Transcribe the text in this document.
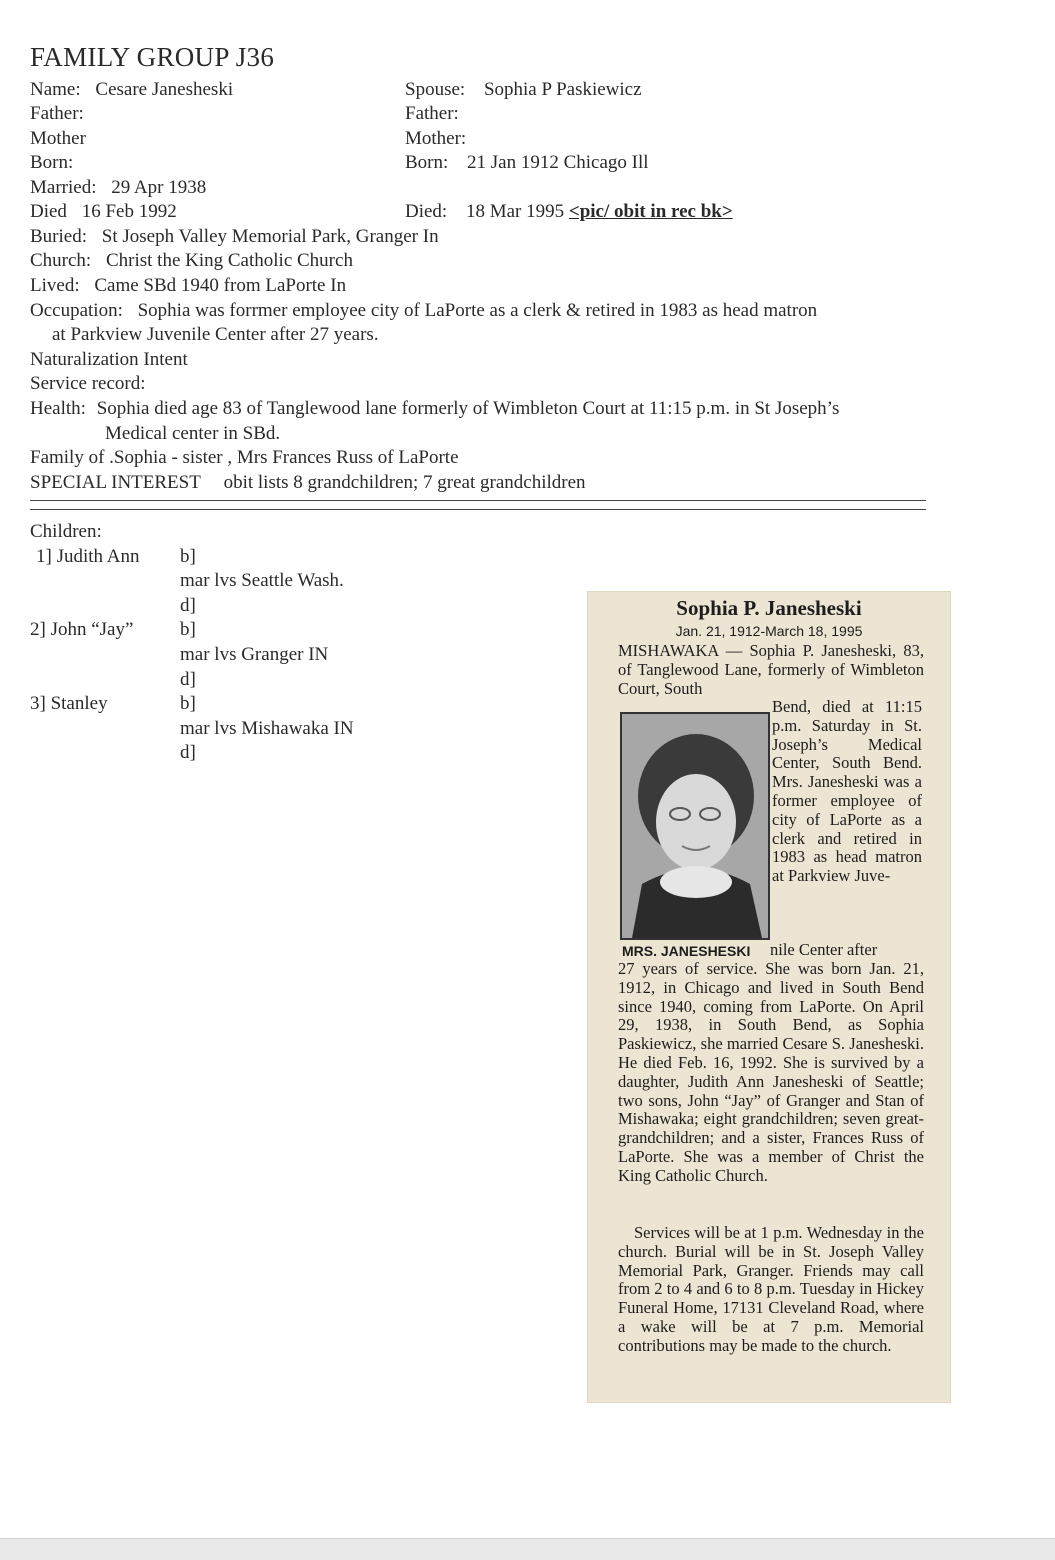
FAMILY GROUP J36
Name: Cesare Janesheski
Father:
Mother
Born:
Married: 29 Apr 1938
Died 16 Feb 1992
Spouse: Sophia P Paskiewicz
Father:
Mother:
Born: 21 Jan 1912 Chicago Ill
Died: 18 Mar 1995 <pic/ obit in rec bk>
Buried: St Joseph Valley Memorial Park, Granger In
Church: Christ the King Catholic Church
Lived: Came SBd 1940 from LaPorte In
Occupation: Sophia was forrmer employee city of LaPorte as a clerk & retired in 1983 as head matron
at Parkview Juvenile Center after 27 years.
Naturalization Intent
Service record:
Health: Sophia died age 83 of Tanglewood lane formerly of Wimbleton Court at 11:15 p.m. in St Joseph’s
Medical center in SBd.
Family of .Sophia - sister , Mrs Frances Russ of LaPorte
SPECIAL INTEREST obit lists 8 grandchildren; 7 great grandchildren
Children:
1] Judith Ann b]
mar lvs Seattle Wash.
d]
2] John “Jay” b]
mar lvs Granger IN
d]
3] Stanley	b]
mar lvs Mishawaka IN
d]
Sophia P. Janesheski
Jan. 21, 1912-March 18, 1995
MISHAWAKA — Sophia P. Janesheski, 83, of Tanglewood Lane, formerly of Wimbleton Court, South
Bend, died at 11:15 p.m. Saturday in St. Joseph’s Medical Center, South Bend. Mrs. Janesheski was a former employee of city of LaPorte as a clerk and retired in 1983 as head matron at Parkview Juve-
MRS. JANESHESKI nile Center after
27 years of service. She was born Jan. 21, 1912, in Chicago and lived in South Bend since 1940, coming from LaPorte. On April 29, 1938, in South Bend, as Sophia Paskiewicz, she married Cesare S. Janesheski. He died Feb. 16, 1992. She is survived by a daughter, Judith Ann Janesheski of Seattle; two sons, John “Jay” of Granger and Stan of Mishawaka; eight grandchildren; seven great-grandchildren; and a sister, Frances Russ of LaPorte. She was a member of Christ the King Catholic Church.
Services will be at 1 p.m. Wednesday in the church. Burial will be in St. Joseph Valley Memorial Park, Granger. Friends may call from 2 to 4 and 6 to 8 p.m. Tuesday in Hickey Funeral Home, 17131 Cleveland Road, where a wake will be at 7 p.m. Memorial contributions may be made to the church.
